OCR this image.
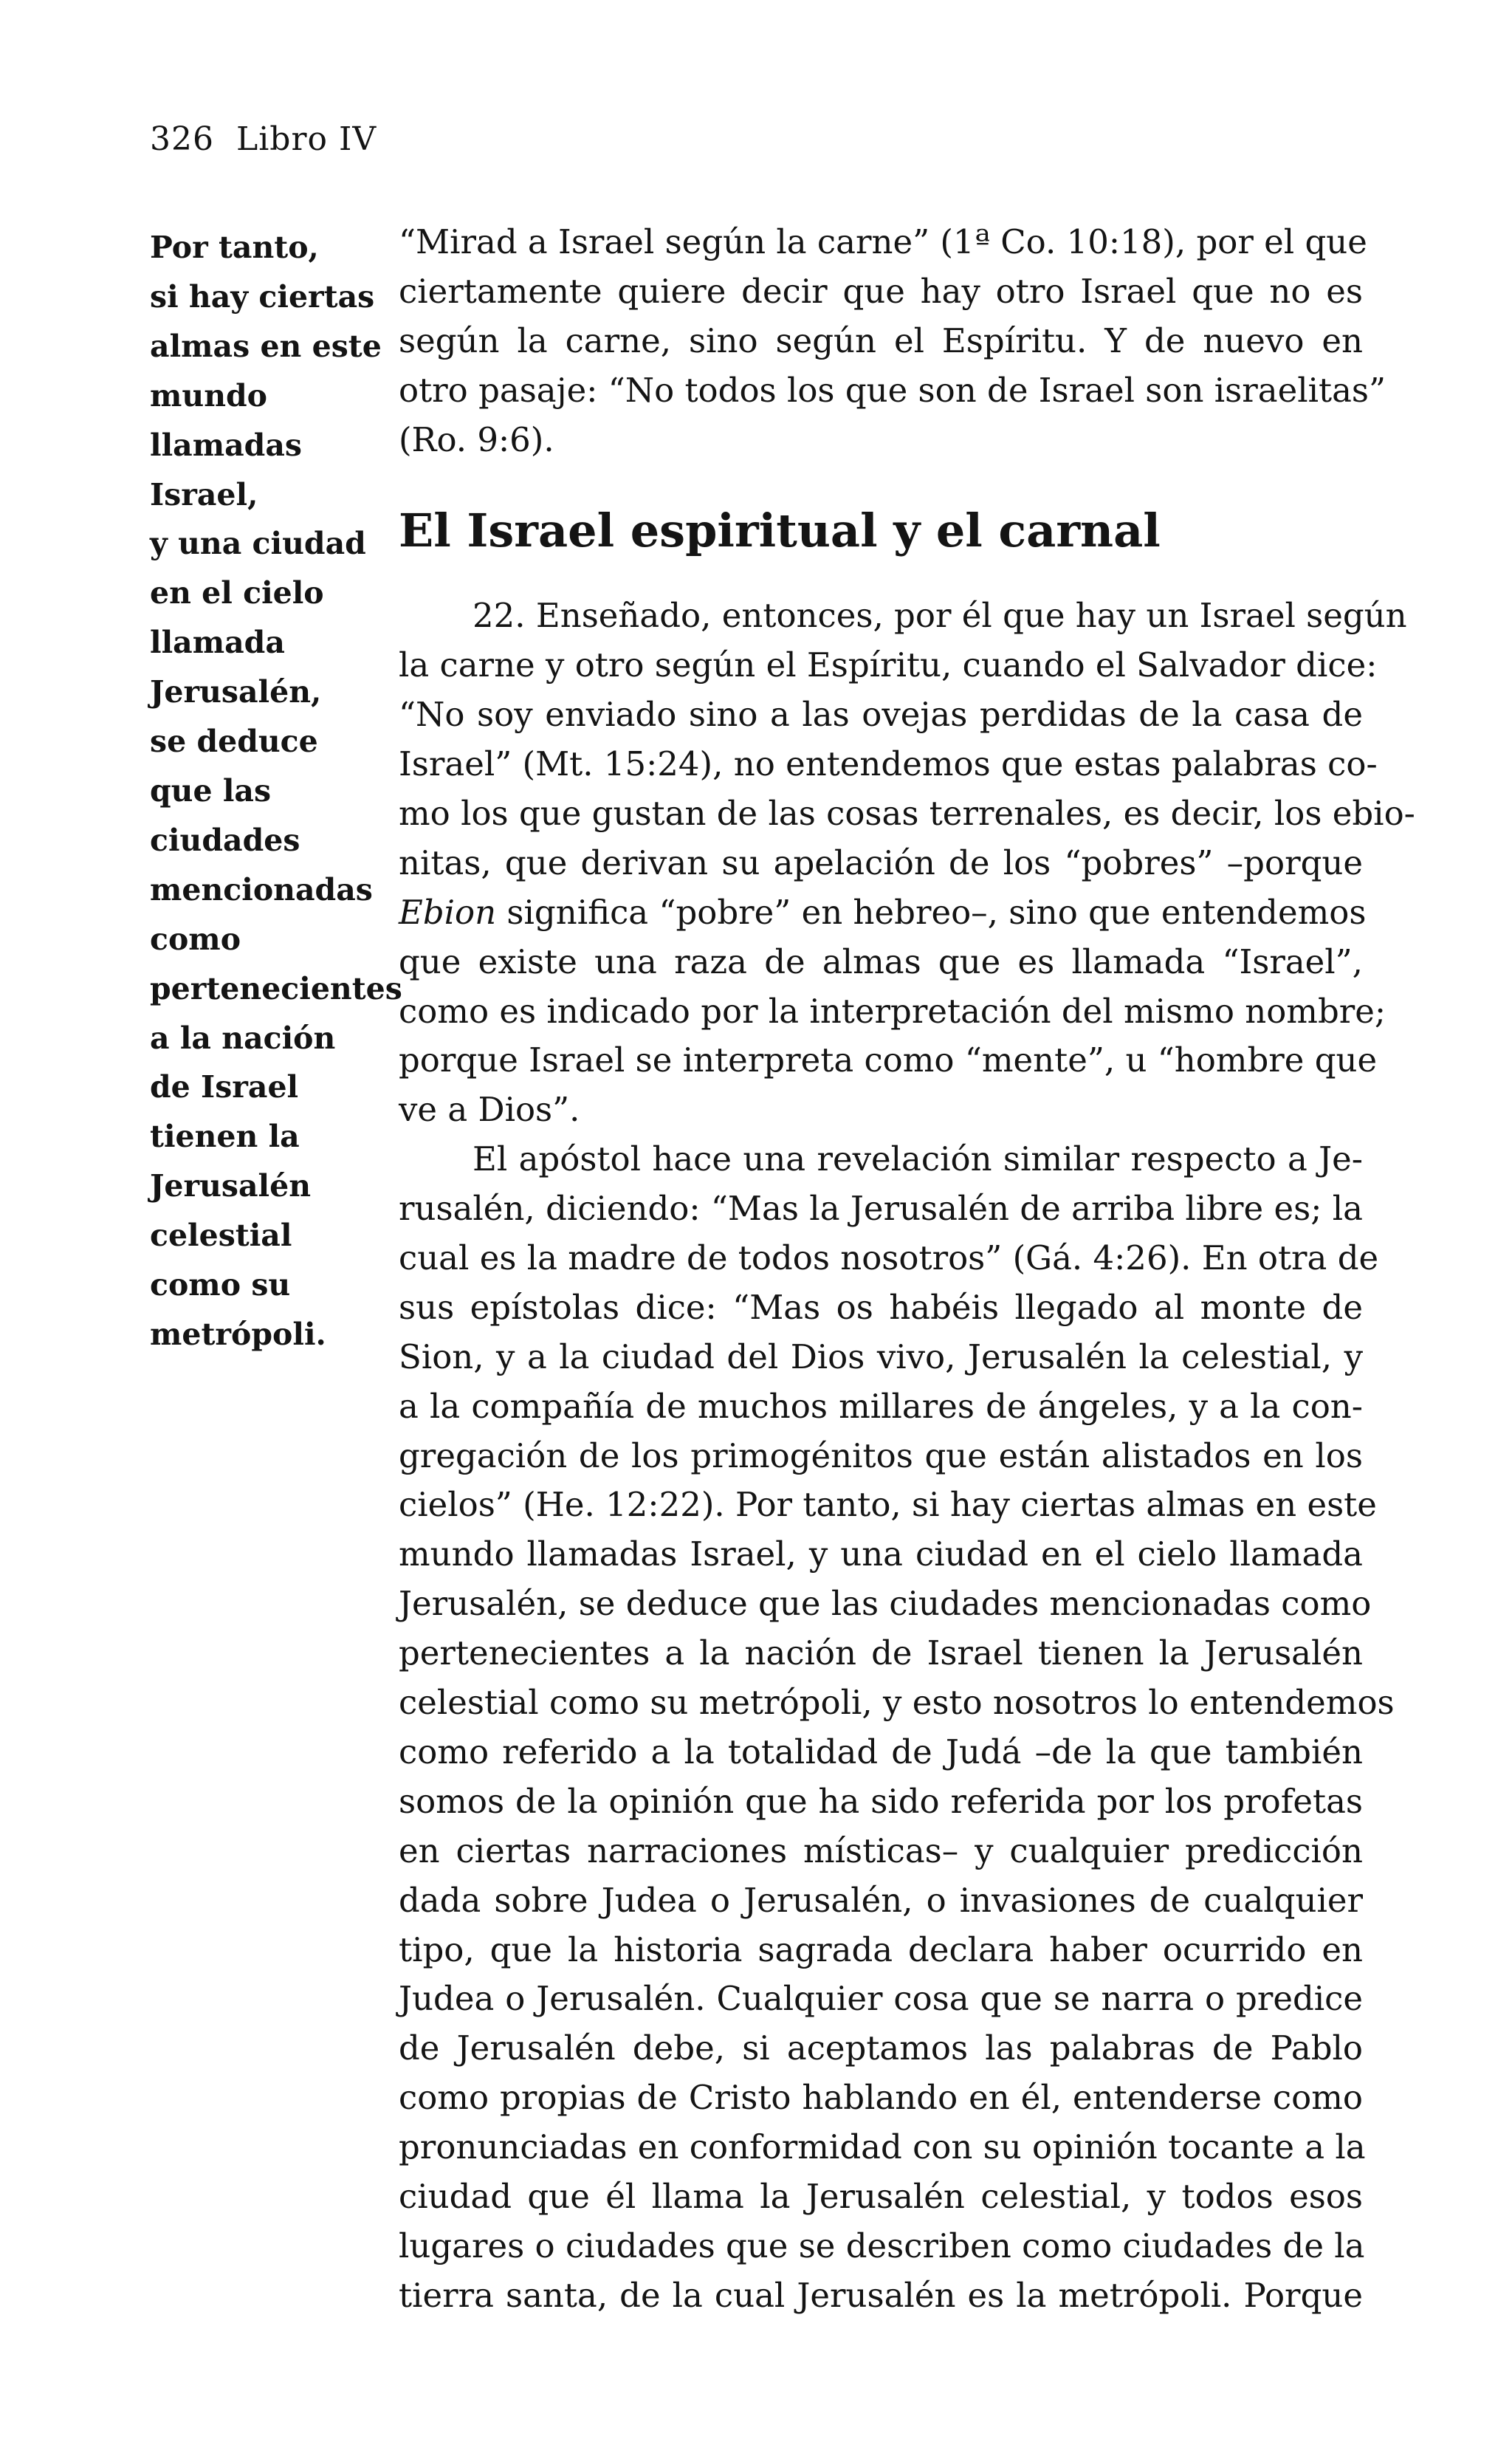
326 Libro IV
Por tanto,
si hay ciertas
almas en este
mundo
llamadas
Israel,
y una ciudad
en el cielo
llamada
Jerusalén,
se deduce
que las
ciudades
mencionadas
como
pertenecientes
a la nación
de Israel
tienen la
Jerusalén
celestial
como su
metrópoli.
“Mirad a Israel según la carne” (1ª Co. 10:18), por el que
ciertamente quiere decir que hay otro Israel que no es
según la carne, sino según el Espíritu. Y de nuevo en
otro pasaje: “No todos los que son de Israel son israelitas”
(Ro. 9:6).
El Israel espiritual y el carnal
22. Enseñado, entonces, por él que hay un Israel según
la carne y otro según el Espíritu, cuando el Salvador dice:
“No soy enviado sino a las ovejas perdidas de la casa de
Israel” (Mt. 15:24), no entendemos que estas palabras co-
mo los que gustan de las cosas terrenales, es decir, los ebio-
nitas, que derivan su apelación de los “pobres” –porque
Ebion significa “pobre” en hebreo–, sino que entendemos
que existe una raza de almas que es llamada “Israel”,
como es indicado por la interpretación del mismo nombre;
porque Israel se interpreta como “mente”, u “hombre que
ve a Dios”.
El apóstol hace una revelación similar respecto a Je-
rusalén, diciendo: “Mas la Jerusalén de arriba libre es; la
cual es la madre de todos nosotros” (Gá. 4:26). En otra de
sus epístolas dice: “Mas os habéis llegado al monte de
Sion, y a la ciudad del Dios vivo, Jerusalén la celestial, y
a la compañía de muchos millares de ángeles, y a la con-
gregación de los primogénitos que están alistados en los
cielos” (He. 12:22). Por tanto, si hay ciertas almas en este
mundo llamadas Israel, y una ciudad en el cielo llamada
Jerusalén, se deduce que las ciudades mencionadas como
pertenecientes a la nación de Israel tienen la Jerusalén
celestial como su metrópoli, y esto nosotros lo entendemos
como referido a la totalidad de Judá –de la que también
somos de la opinión que ha sido referida por los profetas
en ciertas narraciones místicas– y cualquier predicción
dada sobre Judea o Jerusalén, o invasiones de cualquier
tipo, que la historia sagrada declara haber ocurrido en
Judea o Jerusalén. Cualquier cosa que se narra o predice
de Jerusalén debe, si aceptamos las palabras de Pablo
como propias de Cristo hablando en él, entenderse como
pronunciadas en conformidad con su opinión tocante a la
ciudad que él llama la Jerusalén celestial, y todos esos
lugares o ciudades que se describen como ciudades de la
tierra santa, de la cual Jerusalén es la metrópoli. Porque
